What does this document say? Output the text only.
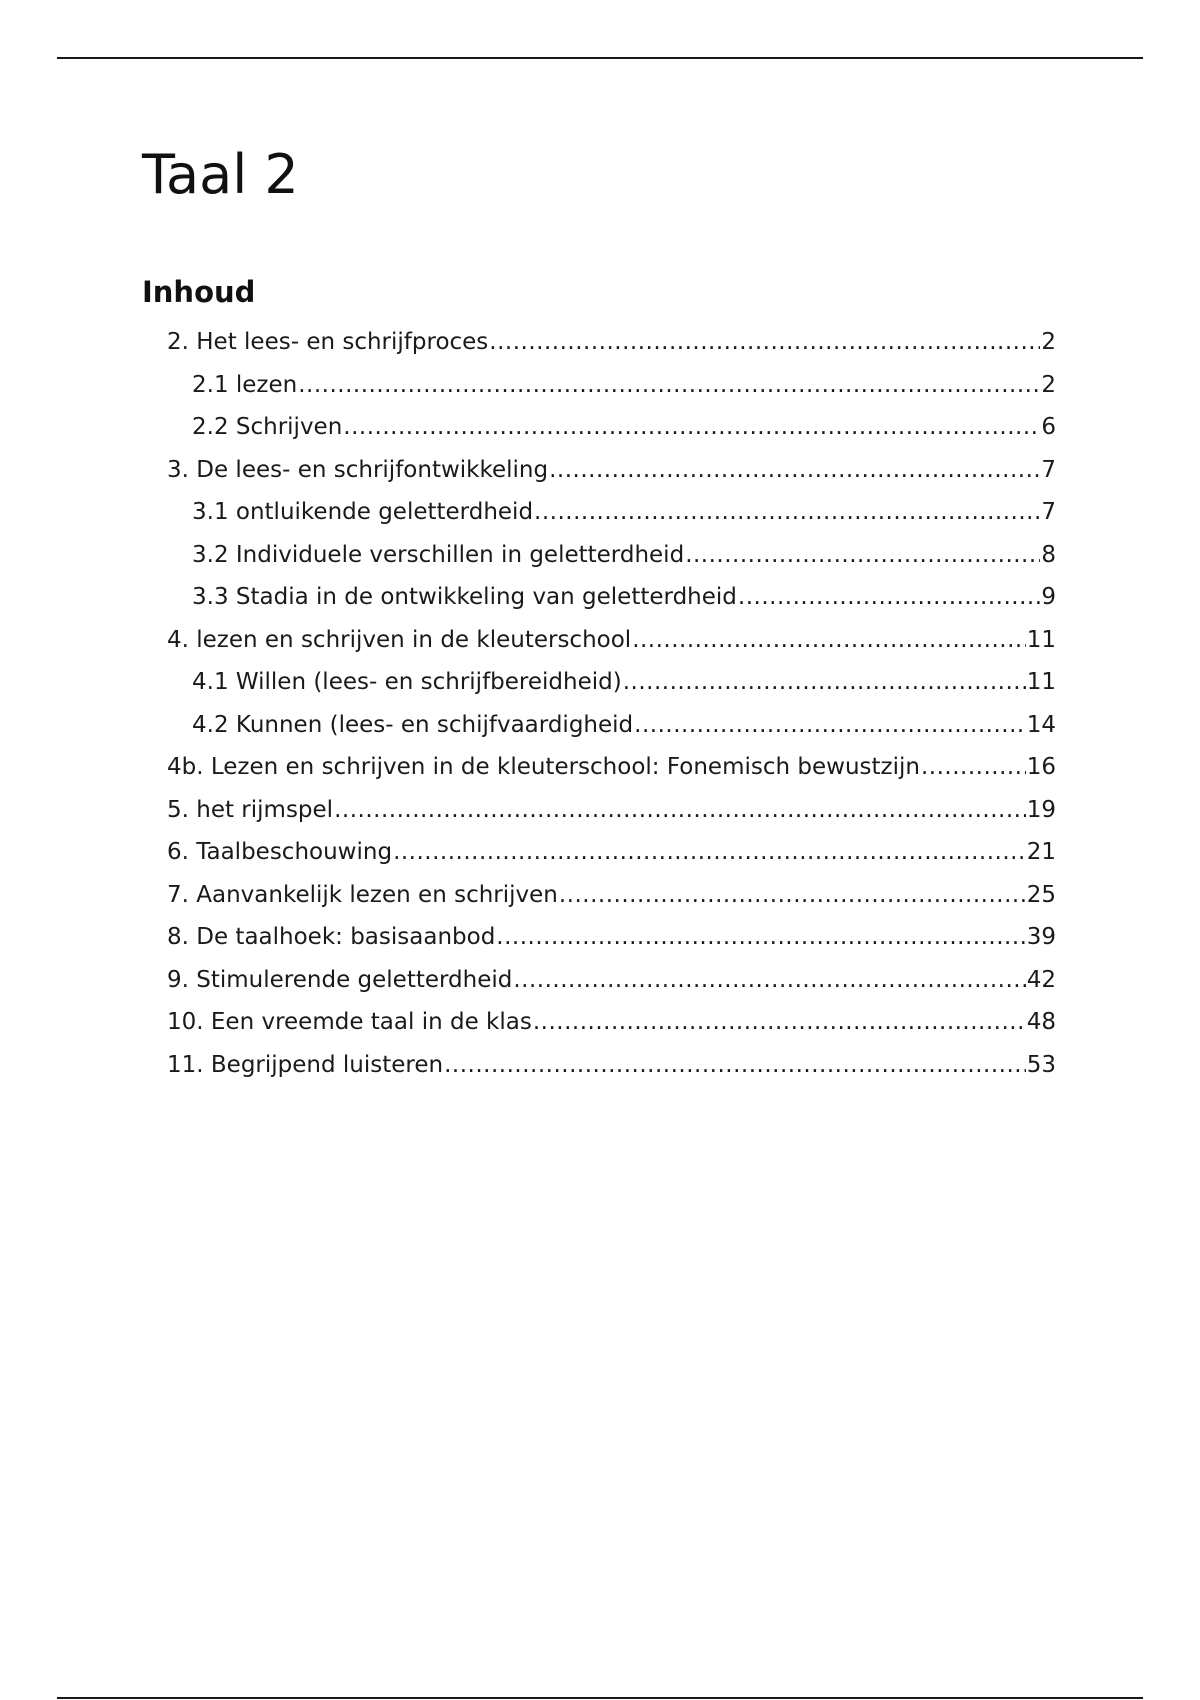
Taal 2
Inhoud
2. Het lees- en schrijfproces .....	2
2.1 lezen .....	2
2.2 Schrijven .....	6
3. De lees- en schrijfontwikkeling .....	7
3.1 ontluikende geletterdheid .....	7
3.2 Individuele verschillen in geletterdheid .....	8
3.3 Stadia in de ontwikkeling van geletterdheid .....	9
4. lezen en schrijven in de kleuterschool .....	11
4.1 Willen (lees- en schrijfbereidheid) .....	11
4.2 Kunnen (lees- en schijfvaardigheid .....	14
4b. Lezen en schrijven in de kleuterschool: Fonemisch bewustzijn .....	16
5. het rijmspel .....	19
6. Taalbeschouwing .....	21
7. Aanvankelijk lezen en schrijven .....	25
8. De taalhoek: basisaanbod .....	39
9. Stimulerende geletterdheid .....	42
10. Een vreemde taal in de klas .....	48
11. Begrijpend luisteren .....	53
